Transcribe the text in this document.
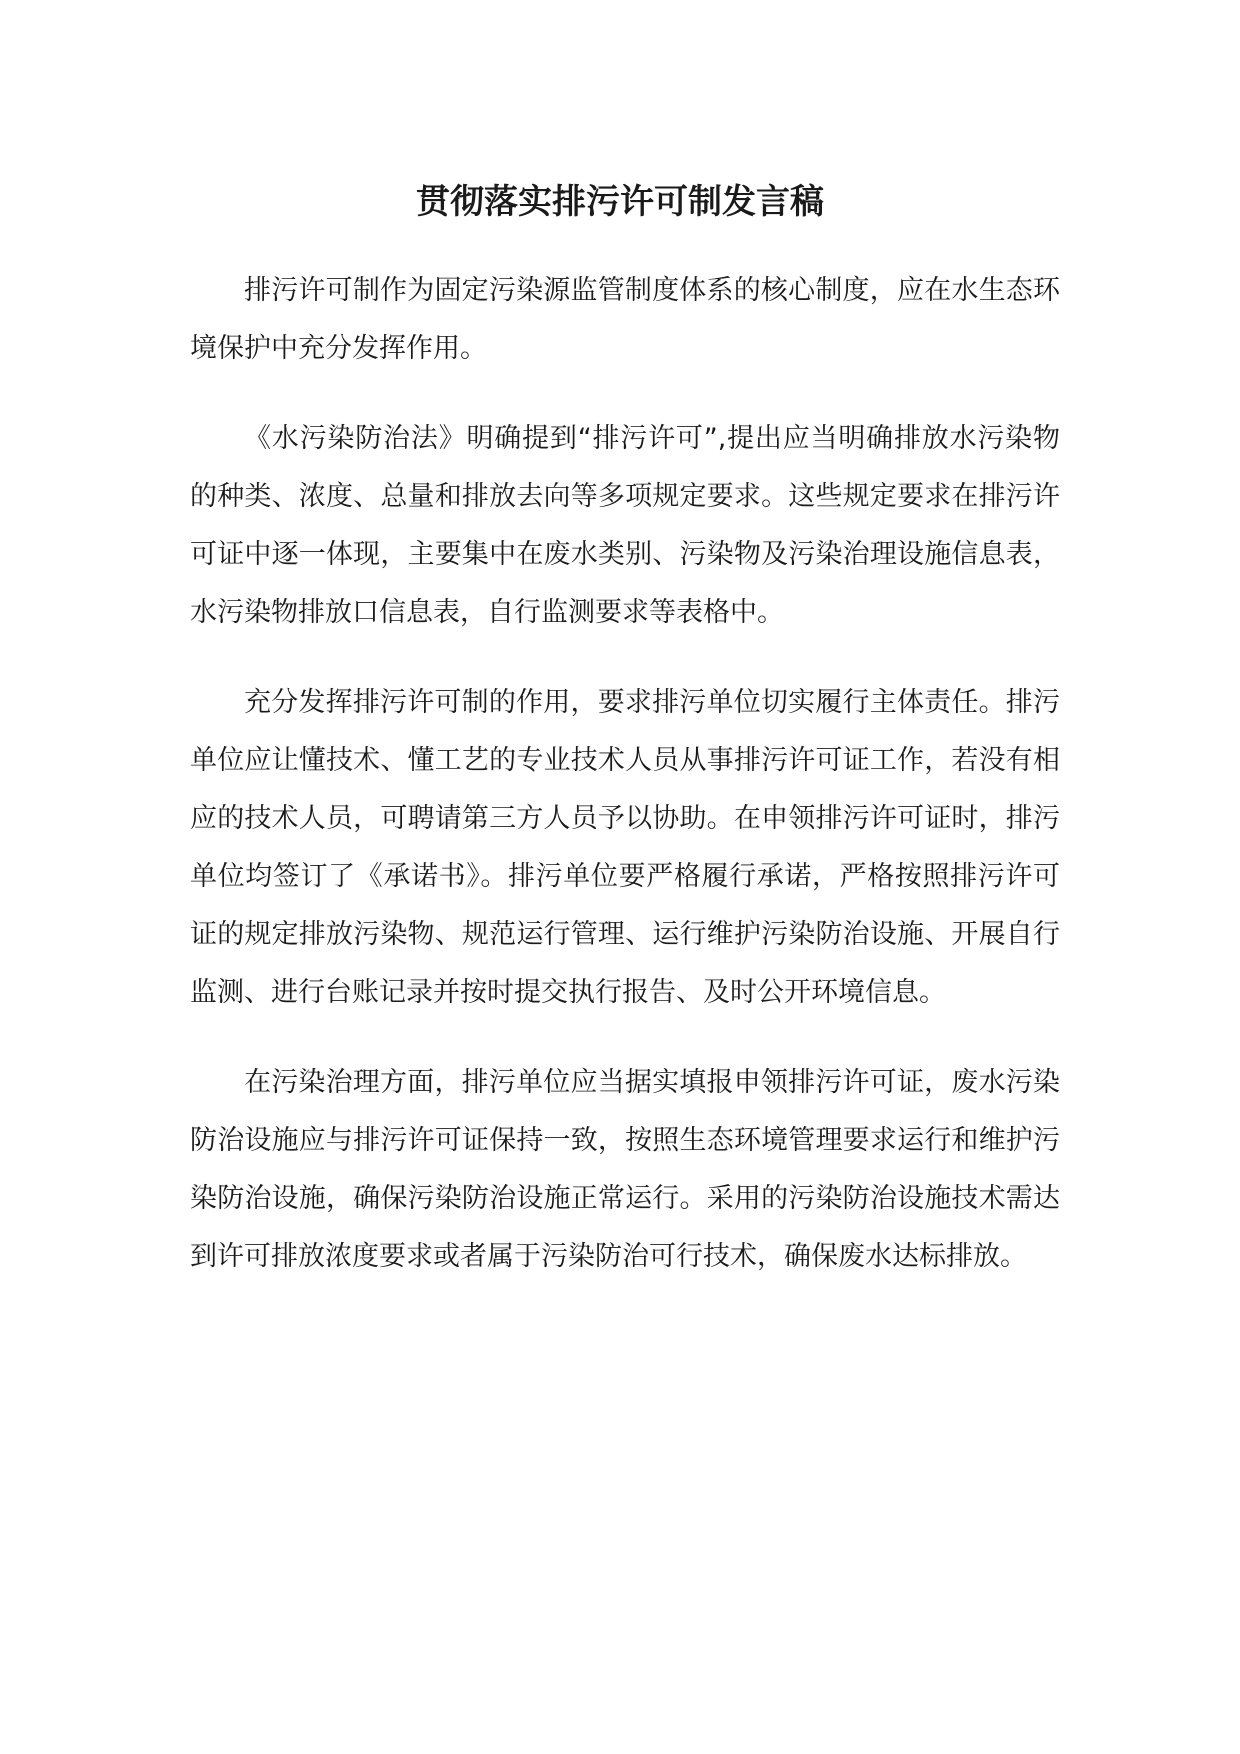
贯彻落实排污许可制发言稿

排污许可制作为固定污染源监管制度体系的核心制度，应在水生态环境保护中充分发挥作用。

《水污染防治法》明确提到“排污许可”,提出应当明确排放水污染物的种类、浓度、总量和排放去向等多项规定要求。这些规定要求在排污许可证中逐一体现，主要集中在废水类别、污染物及污染治理设施信息表，水污染物排放口信息表，自行监测要求等表格中。

充分发挥排污许可制的作用，要求排污单位切实履行主体责任。排污单位应让懂技术、懂工艺的专业技术人员从事排污许可证工作，若没有相应的技术人员，可聘请第三方人员予以协助。在申领排污许可证时，排污单位均签订了《承诺书》。排污单位要严格履行承诺，严格按照排污许可证的规定排放污染物、规范运行管理、运行维护污染防治设施、开展自行监测、进行台账记录并按时提交执行报告、及时公开环境信息。

在污染治理方面，排污单位应当据实填报申领排污许可证，废水污染防治设施应与排污许可证保持一致，按照生态环境管理要求运行和维护污染防治设施，确保污染防治设施正常运行。采用的污染防治设施技术需达到许可排放浓度要求或者属于污染防治可行技术，确保废水达标排放。
